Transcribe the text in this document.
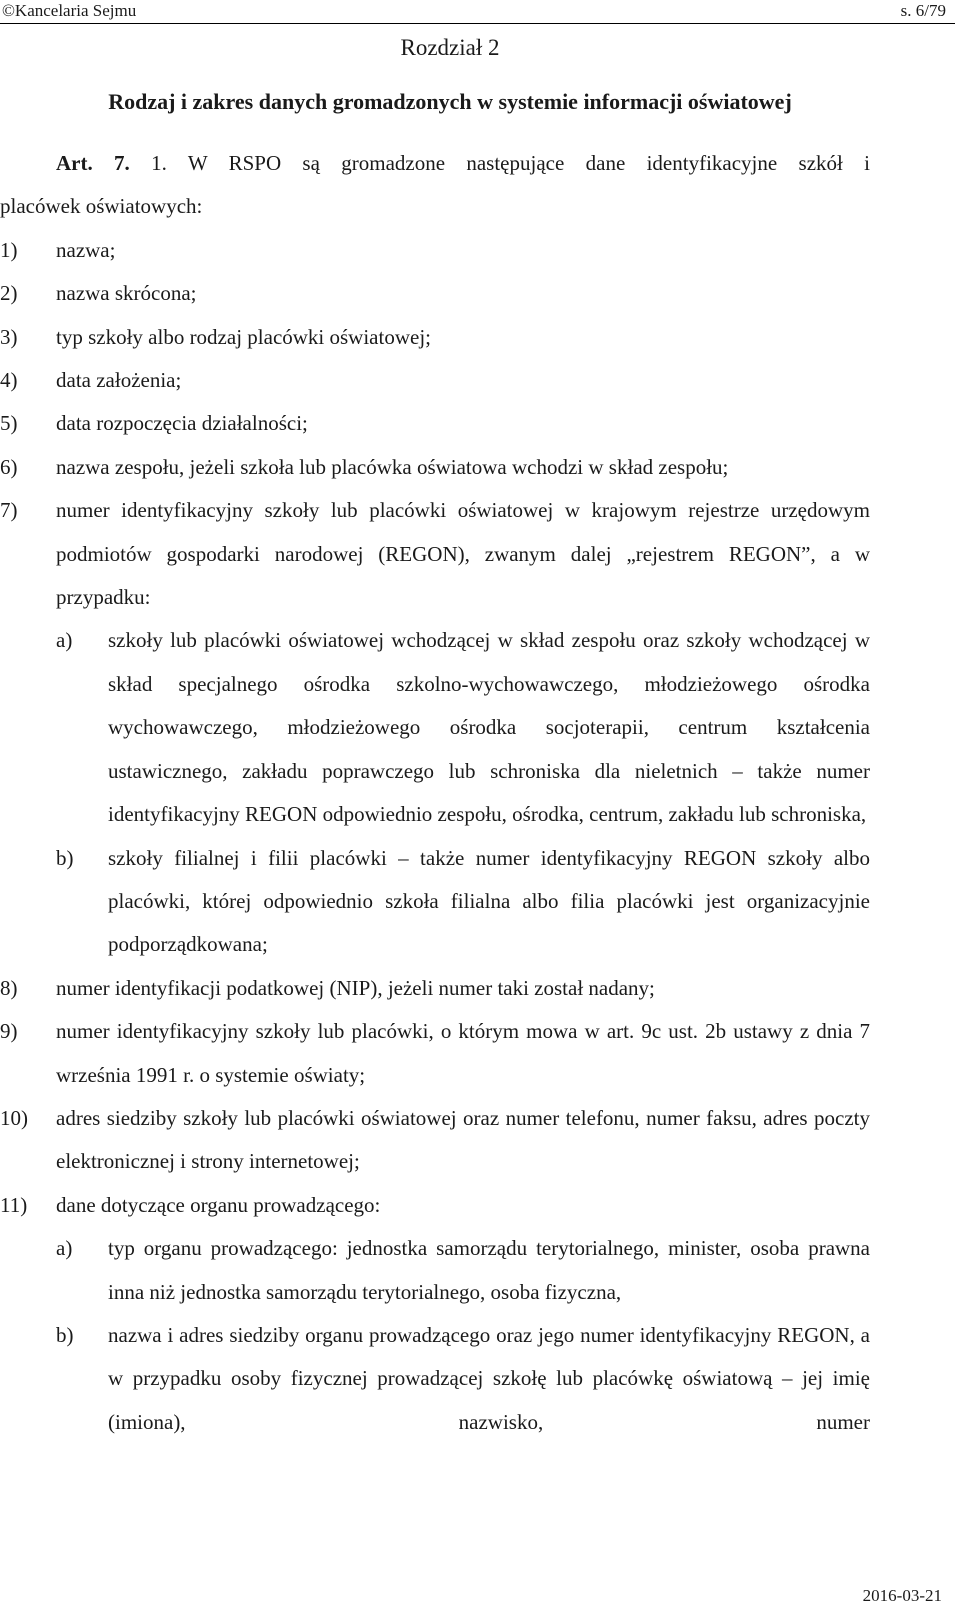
©Kancelaria Sejmu	s. 6/79
Rozdział 2
Rodzaj i zakres danych gromadzonych w systemie informacji oświatowej
Art. 7. 1. W RSPO są gromadzone następujące dane identyfikacyjne szkół i
placówek oświatowych:
1)	nazwa;
2)	nazwa skrócona;
3)	typ szkoły albo rodzaj placówki oświatowej;
4)	data założenia;
5)	data rozpoczęcia działalności;
6)	nazwa zespołu, jeżeli szkoła lub placówka oświatowa wchodzi w skład zespołu;
7)	numer identyfikacyjny szkoły lub placówki oświatowej w krajowym rejestrze urzędowym podmiotów gospodarki narodowej (REGON), zwanym dalej „rejestrem REGON”, a w przypadku:
a)	szkoły lub placówki oświatowej wchodzącej w skład zespołu oraz szkoły wchodzącej w skład specjalnego ośrodka szkolno-wychowawczego, młodzieżowego ośrodka wychowawczego, młodzieżowego ośrodka socjoterapii, centrum kształcenia ustawicznego, zakładu poprawczego lub schroniska dla nieletnich – także numer identyfikacyjny REGON odpowiednio zespołu, ośrodka, centrum, zakładu lub schroniska,
b)	szkoły filialnej i filii placówki – także numer identyfikacyjny REGON szkoły albo placówki, której odpowiednio szkoła filialna albo filia placówki jest organizacyjnie podporządkowana;
8)	numer identyfikacji podatkowej (NIP), jeżeli numer taki został nadany;
9)	numer identyfikacyjny szkoły lub placówki, o którym mowa w art. 9c ust. 2b ustawy z dnia 7 września 1991 r. o systemie oświaty;
10)	adres siedziby szkoły lub placówki oświatowej oraz numer telefonu, numer faksu, adres poczty elektronicznej i strony internetowej;
11)	dane dotyczące organu prowadzącego:
a)	typ organu prowadzącego: jednostka samorządu terytorialnego, minister, osoba prawna inna niż jednostka samorządu terytorialnego, osoba fizyczna,
b)	nazwa i adres siedziby organu prowadzącego oraz jego numer identyfikacyjny REGON, a w przypadku osoby fizycznej prowadzącej szkołę lub placówkę oświatową – jej imię (imiona), nazwisko, numer
2016-03-21
